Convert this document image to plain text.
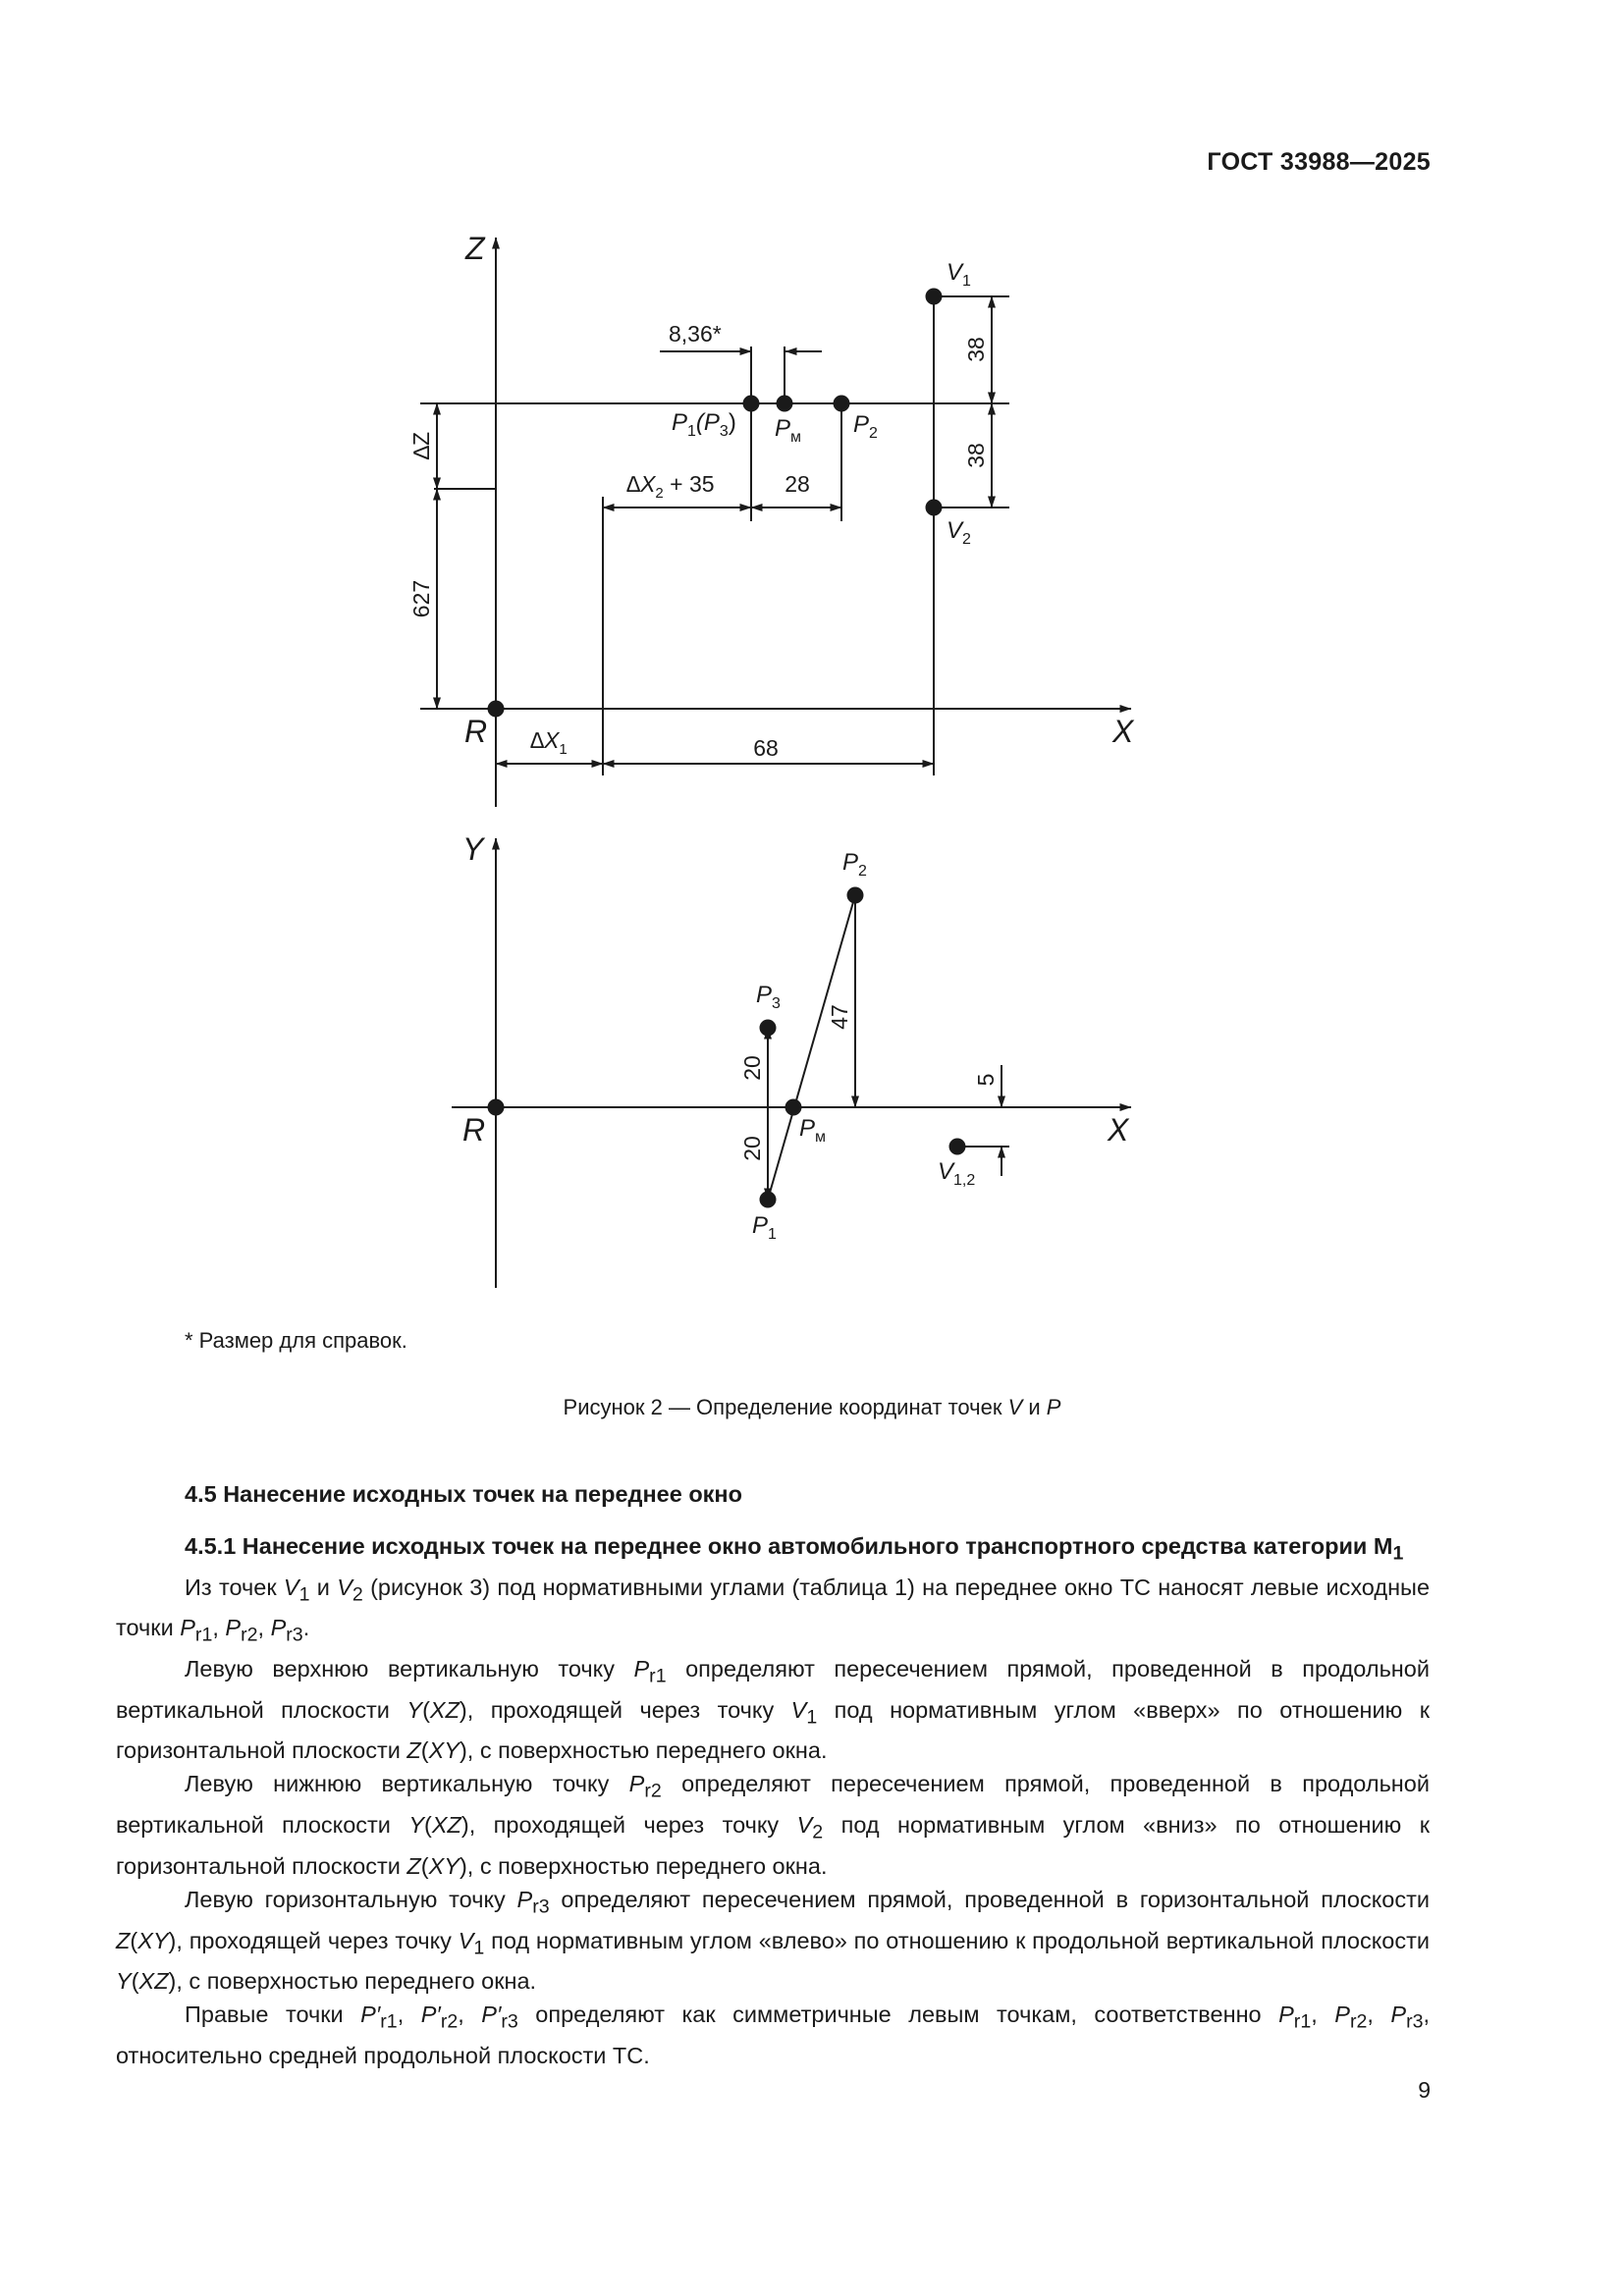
ГОСТ 33988—2025
Z
X
R
$V_1$
$V_2$
$P_1(P_3)$ $P_м$ $P_2$
8,36*
38
38
∆Z
$\Delta X_2 + 35$	28
627
$\Delta X_1$	68
Y
X
R
$P_2$
$P_3$
$P_м$
$P_1$
$V_{1,2}$
47
20
20
5
* Размер для справок.
Рисунок 2 — Определение координат точек V и P
4.5 Нанесение исходных точек на переднее окно

4.5.1 Нанесение исходных точек на переднее окно автомобильного транспортного средства категории $M_1$

Из точек $V_1$ и $V_2$ (рисунок 3) под нормативными углами (таблица 1) на переднее окно ТС наносят левые исходные точки $P_{r1}$, $P_{r2}$, $P_{r3}$.

Левую верхнюю вертикальную точку $P_{r1}$ определяют пересечением прямой, проведенной в продольной вертикальной плоскости Y(XZ), проходящей через точку $V_1$ под нормативным углом «вверх» по отношению к горизонтальной плоскости Z(XY), с поверхностью переднего окна.

Левую нижнюю вертикальную точку $P_{r2}$ определяют пересечением прямой, проведенной в продольной вертикальной плоскости Y(XZ), проходящей через точку $V_2$ под нормативным углом «вниз» по отношению к горизонтальной плоскости Z(XY), с поверхностью переднего окна.

Левую горизонтальную точку $P_{r3}$ определяют пересечением прямой, проведенной в горизонтальной плоскости Z(XY), проходящей через точку $V_1$ под нормативным углом «влево» по отношению к продольной вертикальной плоскости Y(XZ), с поверхностью переднего окна.

Правые точки $P'_{r1}$, $P'_{r2}$, $P'_{r3}$ определяют как симметричные левым точкам, соответственно $P_{r1}$, $P_{r2}$, $P_{r3}$, относительно средней продольной плоскости ТС.

9
